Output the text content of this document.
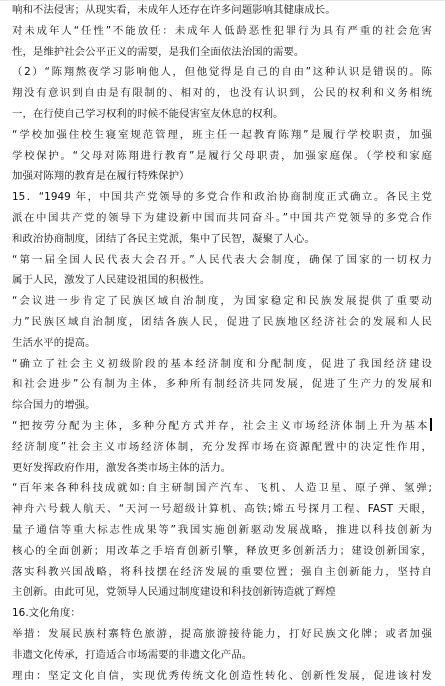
响和不法侵害；从现实看，未成年人还存在许多问题影响其健康成长。
对未成年人“任性”不能放任：未成年人低龄恶性犯罪行为具有严重的社会危害
性，是维护社会公平正义的需要，是我们全面依法治国的需要。
（2）“陈翔熬夜学习影响他人，但他觉得是自己的自由”这种认识是错误的。陈
翔没有意识到自由是有限制的、相对的，也没有认识到，公民的权利和义务相统
一，在行使自己学习权利的时候不能侵害室友休息的权利。
“学校加强住校生寝室规范管理，班主任一起教育陈翔”是履行学校职责，加强
学校保护。“父母对陈翔进行教育”是履行父母职责，加强家庭保。（学校和家庭
加强对陈翔的教育是在履行特殊保护）
15．“1949 年，中国共产党领导的多党合作和政治协商制度正式确立。各民主党
派在中国共产党的领导下为建设新中国而共同奋斗。”中国共产党领导的多党合作
和政治协商制度，团结了各民主党派，集中了民智，凝聚了人心。
“第一届全国人民代表大会召开。”人民代表大会制度，确保了国家的一切权力
属于人民，激发了人民建设祖国的积极性。
“会议进一步肯定了民族区域自治制度，为国家稳定和民族发展提供了重要动
力”民族区域自治制度，团结各族人民，促进了民族地区经济社会的发展和人民
生活水平的提高。
“确立了社会主义初级阶段的基本经济制度和分配制度，促进了我国经济建设
和社会进步”公有制为主体，多种所有制经济共同发展，促进了生产力的发展和
综合国力的增强。
“把按劳分配为主体，多种分配方式并存，社会主义市场经济体制上升为基本
经济制度”社会主义市场经济体制，充分发挥市场在资源配置中的决定性作用，
更好发挥政府作用，激发各类市场主体的活力。
“百年来各种科技成就如:自主研制国产汽车、飞机、人造卫星、原子弹、氢弹;
神舟六号载人航天、“天河一号超级计算机、高铁;嫦五号探月工程、FAST 天眼，
量子通信等重大标志性成果等”我国实施创新驱动发展战略，推进以科技创新为
核心的全面创新；用改革之手培育创新引擎，释放更多创新活力；建设创新国家，
落实科教兴国战略，将科技摆在经济发展的重要位置；强自主创新能力，坚持自
主创新。由此可见，党领导人民通过制度建设和科技创新铸造就了辉煌
16.文化角度：
举措：发展民族村寨特色旅游，提高旅游接待能力，打好民族文化牌；或者加强
非遗文化传承，打造适合市场需要的非遗文化产品。
理由：坚定文化自信，实现优秀传统文化创造性转化、创新性发展，促进该村发
